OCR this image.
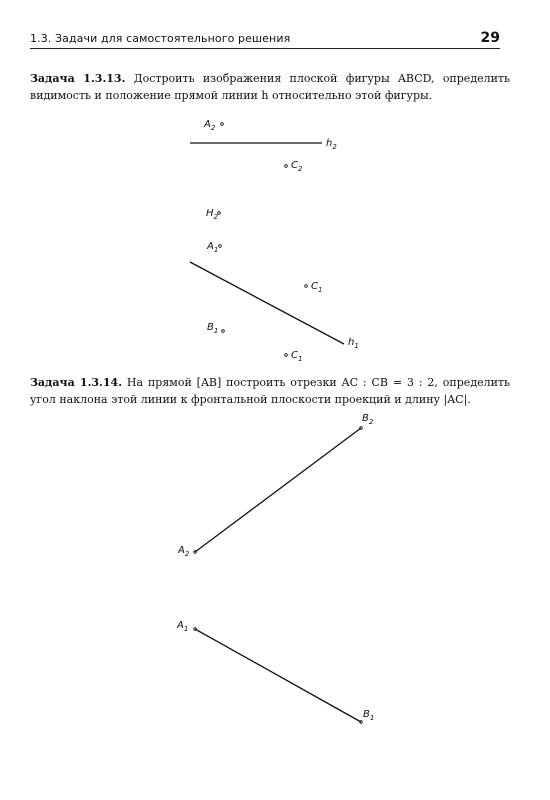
1.3. Задачи для самостоятельного решения	29
Задача 1.3.13. Достроить изображения плоской фигуры ABCD, определить видимость и положение прямой линии h относительно этой фигуры.
Задача 1.3.14. На прямой [AB] построить отрезки AC : CB = 3 : 2, определить угол наклона этой линии к фронтальной плоскости проекций и длину |AC|.
$A_2$
$h_2$
$C_2$
$H_2$
$A_1$
$C_1$
$B_1$
$h_1$
$C_1$
$B_2$
$A_2$
$A_1$
$B_1$
